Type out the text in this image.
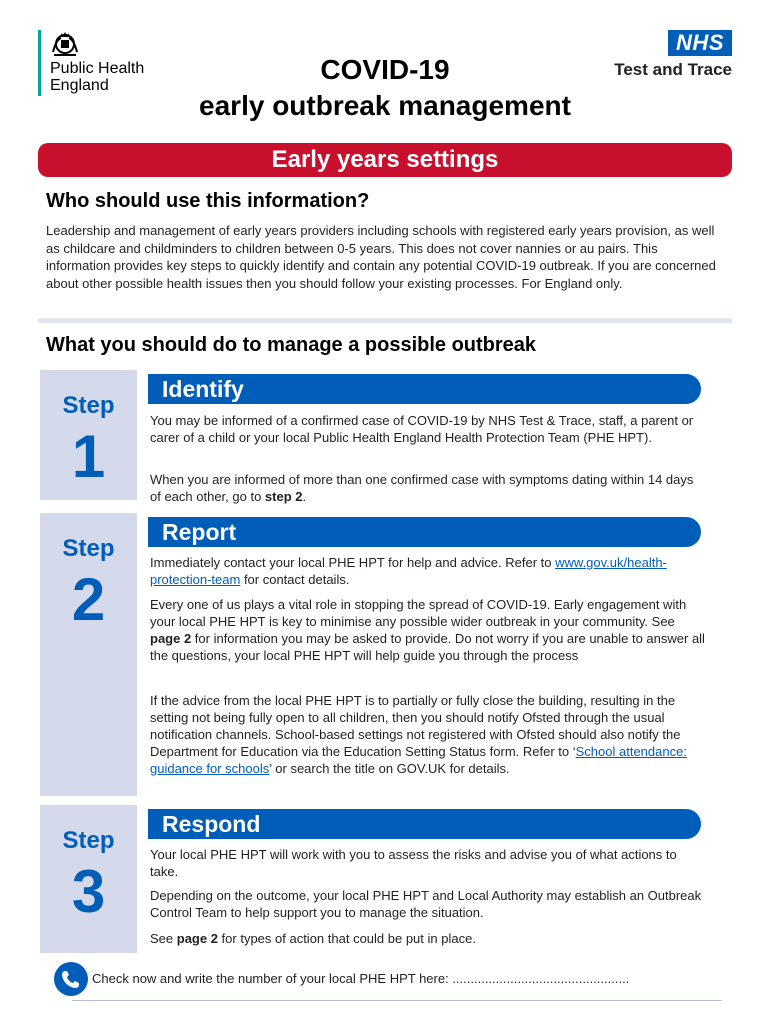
Public Health
England
COVID-19
early outbreak management
NHS
Test and Trace
Early years settings
Who should use this information?
Leadership and management of early years providers including schools with registered early years provision, as well as childcare and childminders to children between 0-5 years. This does not cover nannies or au pairs. This information provides key steps to quickly identify and contain any potential COVID-19 outbreak. If you are concerned about other possible health issues then you should follow your existing processes. For England only.
What you should do to manage a possible outbreak
Step
1
Identify
You may be informed of a confirmed case of COVID-19 by NHS Test & Trace, staff, a parent or carer of a child or your local Public Health England Health Protection Team (PHE HPT).
When you are informed of more than one confirmed case with symptoms dating within 14 days of each other, go to step 2.
Step
2
Report
Immediately contact your local PHE HPT for help and advice. Refer to www.gov.uk/health-protection-team for contact details.
Every one of us plays a vital role in stopping the spread of COVID-19. Early engagement with your local PHE HPT is key to minimise any possible wider outbreak in your community. See page 2 for information you may be asked to provide. Do not worry if you are unable to answer all the questions, your local PHE HPT will help guide you through the process
If the advice from the local PHE HPT is to partially or fully close the building, resulting in the setting not being fully open to all children, then you should notify Ofsted through the usual notification channels. School-based settings not registered with Ofsted should also notify the Department for Education via the Education Setting Status form. Refer to ‘School attendance: guidance for schools’ or search the title on GOV.UK for details.
Step
3
Respond
Your local PHE HPT will work with you to assess the risks and advise you of what actions to take.
Depending on the outcome, your local PHE HPT and Local Authority may establish an Outbreak Control Team to help support you to manage the situation.
See page 2 for types of action that could be put in place.
Check now and write the number of your local PHE HPT here: .................................................
